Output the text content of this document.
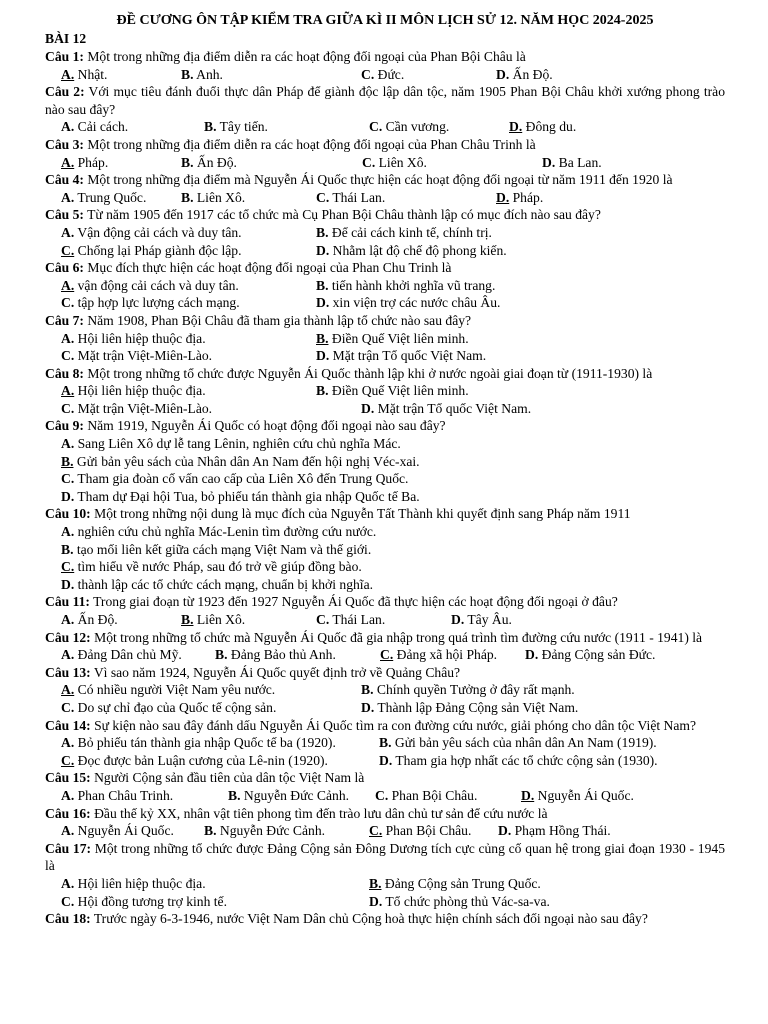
ĐỀ CƯƠNG ÔN TẬP KIỂM TRA GIỮA KÌ II MÔN LỊCH SỬ 12. NĂM HỌC 2024-2025
BÀI 12
Câu 1: Một trong những địa điểm diễn ra các hoạt động đối ngoại của Phan Bội Châu là
A. Nhật.	B. Anh.	C. Đức.	D. Ấn Độ.
Câu 2: Với mục tiêu đánh đuổi thực dân Pháp để giành độc lập dân tộc, năm 1905 Phan Bội Châu khởi xướng phong trào nào sau đây?
A. Cải cách.	B. Tây tiến.	C. Cần vương.	D. Đông du.
Câu 3: Một trong những địa điểm diễn ra các hoạt động đối ngoại của Phan Châu Trinh là
A. Pháp.	B. Ấn Độ.	C. Liên Xô.	D. Ba Lan.
Câu 4: Một trong những địa điểm mà Nguyễn Ái Quốc thực hiện các hoạt động đối ngoại từ năm 1911 đến 1920 là
A. Trung Quốc.	B. Liên Xô.	C. Thái Lan.	D. Pháp.
Câu 5: Từ năm 1905 đến 1917 các tổ chức mà Cụ Phan Bội Châu thành lập có mục đích nào sau đây?
A. Vận động cải cách và duy tân.	B. Để cải cách kinh tế, chính trị.
C. Chống lại Pháp giành độc lập.	D. Nhằm lật độ chế độ phong kiến.
Câu 6: Mục đích thực hiện các hoạt động đối ngoại của Phan Chu Trinh là
A. vận động cải cách và duy tân.	B. tiến hành khởi nghĩa vũ trang.
C. tập hợp lực lượng cách mạng.	D. xin viện trợ các nước châu Âu.
Câu 7: Năm 1908, Phan Bội Châu đã tham gia thành lập tổ chức nào sau đây?
A. Hội liên hiệp thuộc địa.	B. Điền Quế Việt liên minh.
C. Mặt trận Việt-Miên-Lào.	D. Mặt trận Tổ quốc Việt Nam.
Câu 8: Một trong những tổ chức được Nguyễn Ái Quốc thành lập khi ở nước ngoài giai đoạn từ (1911-1930) là
A. Hội liên hiệp thuộc địa.	B. Điền Quế Việt liên minh.
C. Mặt trận Việt-Miên-Lào.	D. Mặt trận Tổ quốc Việt Nam.
Câu 9: Năm 1919, Nguyễn Ái Quốc có hoạt động đối ngoại nào sau đây?
A. Sang Liên Xô dự lễ tang Lênin, nghiên cứu chủ nghĩa Mác.
B. Gửi bản yêu sách của Nhân dân An Nam đến hội nghị Véc-xai.
C. Tham gia đoàn cố vấn cao cấp của Liên Xô đến Trung Quốc.
D. Tham dự Đại hội Tua, bỏ phiếu tán thành gia nhập Quốc tế Ba.
Câu 10: Một trong những nội dung là mục đích của Nguyễn Tất Thành khi quyết định sang Pháp năm 1911
A. nghiên cứu chủ nghĩa Mác-Lenin tìm đường cứu nước.
B. tạo mối liên kết giữa cách mạng Việt Nam và thế giới.
C. tìm hiểu về nước Pháp, sau đó trở về giúp đồng bào.
D. thành lập các tổ chức cách mạng, chuẩn bị khởi nghĩa.
Câu 11: Trong giai đoạn từ 1923 đến 1927 Nguyễn Ái Quốc đã thực hiện các hoạt động đối ngoại ở đâu?
A. Ấn Độ.	B. Liên Xô.	C. Thái Lan.	D. Tây Âu.
Câu 12: Một trong những tổ chức mà Nguyễn Ái Quốc đã gia nhập trong quá trình tìm đường cứu nước (1911 - 1941) là
A. Đảng Dân chủ Mỹ.	B. Đảng Bảo thủ Anh.	C. Đảng xã hội Pháp.	D. Đảng Cộng sản Đức.
Câu 13: Vì sao năm 1924, Nguyễn Ái Quốc quyết định trở về Quảng Châu?
A. Có nhiều người Việt Nam yêu nước.	B. Chính quyền Tưởng ở đây rất mạnh.
C. Do sự chỉ đạo của Quốc tế cộng sản.	D. Thành lập Đảng Cộng sản Việt Nam.
Câu 14: Sự kiện nào sau đây đánh dấu Nguyễn Ái Quốc tìm ra con đường cứu nước, giải phóng cho dân tộc Việt Nam?
A. Bỏ phiếu tán thành gia nhập Quốc tế ba (1920).	B. Gửi bản yêu sách của nhân dân An Nam (1919).
C. Đọc được bản Luận cương của Lê-nin (1920).	D. Tham gia hợp nhất các tổ chức cộng sản (1930).
Câu 15: Người Cộng sản đầu tiên của dân tộc Việt Nam là
A. Phan Châu Trinh.	B. Nguyễn Đức Cảnh.	C. Phan Bội Châu.	D. Nguyễn Ái Quốc.
Câu 16: Đầu thế kỷ XX, nhân vật tiên phong tìm đến trào lưu dân chủ tư sản để cứu nước là
A. Nguyễn Ái Quốc.	B. Nguyễn Đức Cảnh.	C. Phan Bội Châu.	D. Phạm Hồng Thái.
Câu 17: Một trong những tổ chức được Đảng Cộng sản Đông Dương tích cực củng cố quan hệ trong giai đoạn 1930 - 1945 là
A. Hội liên hiệp thuộc địa.	B. Đảng Cộng sản Trung Quốc.
C. Hội đồng tương trợ kinh tế.	D. Tổ chức phòng thủ Vác-sa-va.
Câu 18: Trước ngày 6-3-1946, nước Việt Nam Dân chủ Cộng hoà thực hiện chính sách đối ngoại nào sau đây?
